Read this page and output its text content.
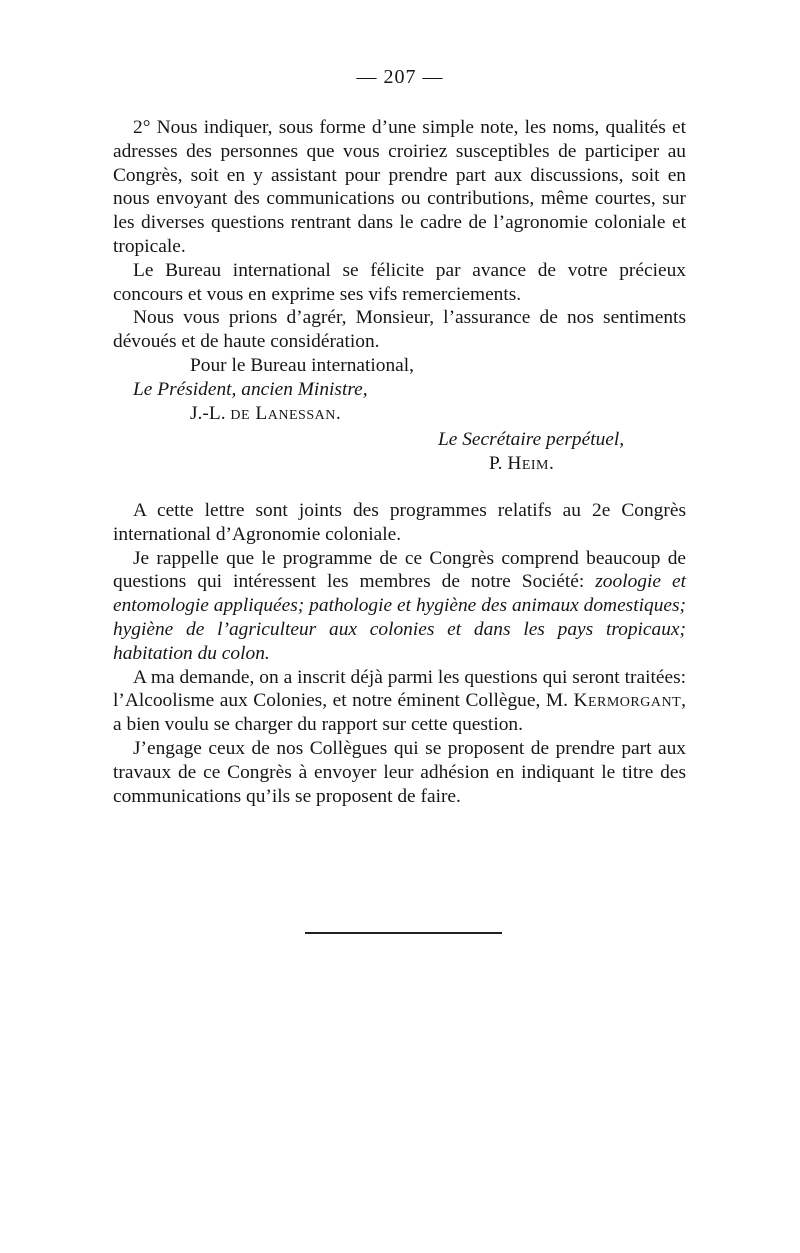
— 207 —

2° Nous indiquer, sous forme d’une simple note, les noms, qualités et adresses des personnes que vous croiriez susceptibles de participer au Congrès, soit en y assistant pour prendre part aux discussions, soit en nous envoyant des communications ou contributions, même courtes, sur les diverses questions rentrant dans le cadre de l’agronomie coloniale et tropicale.

Le Bureau international se félicite par avance de votre précieux concours et vous en exprime ses vifs remerciements.

Nous vous prions d’agrér, Monsieur, l’assurance de nos sentiments dévoués et de haute considération.

Pour le Bureau international,
Le Président, ancien Ministre,
J.-L. de Lanessan.
Le Secrétaire perpétuel,
P. Heim.

A cette lettre sont joints des programmes relatifs au 2e Congrès international d’Agronomie coloniale.

Je rappelle que le programme de ce Congrès comprend beaucoup de questions qui intéressent les membres de notre Société: zoologie et entomologie appliquées; pathologie et hygiène des animaux domestiques; hygiène de l’agriculteur aux colonies et dans les pays tropicaux; habitation du colon.

A ma demande, on a inscrit déjà parmi les questions qui seront traitées: l’Alcoolisme aux Colonies, et notre éminent Collègue, M. Kermorgant, a bien voulu se charger du rapport sur cette question.

J’engage ceux de nos Collègues qui se proposent de prendre part aux travaux de ce Congrès à envoyer leur adhésion en indiquant le titre des communications qu’ils se proposent de faire.
